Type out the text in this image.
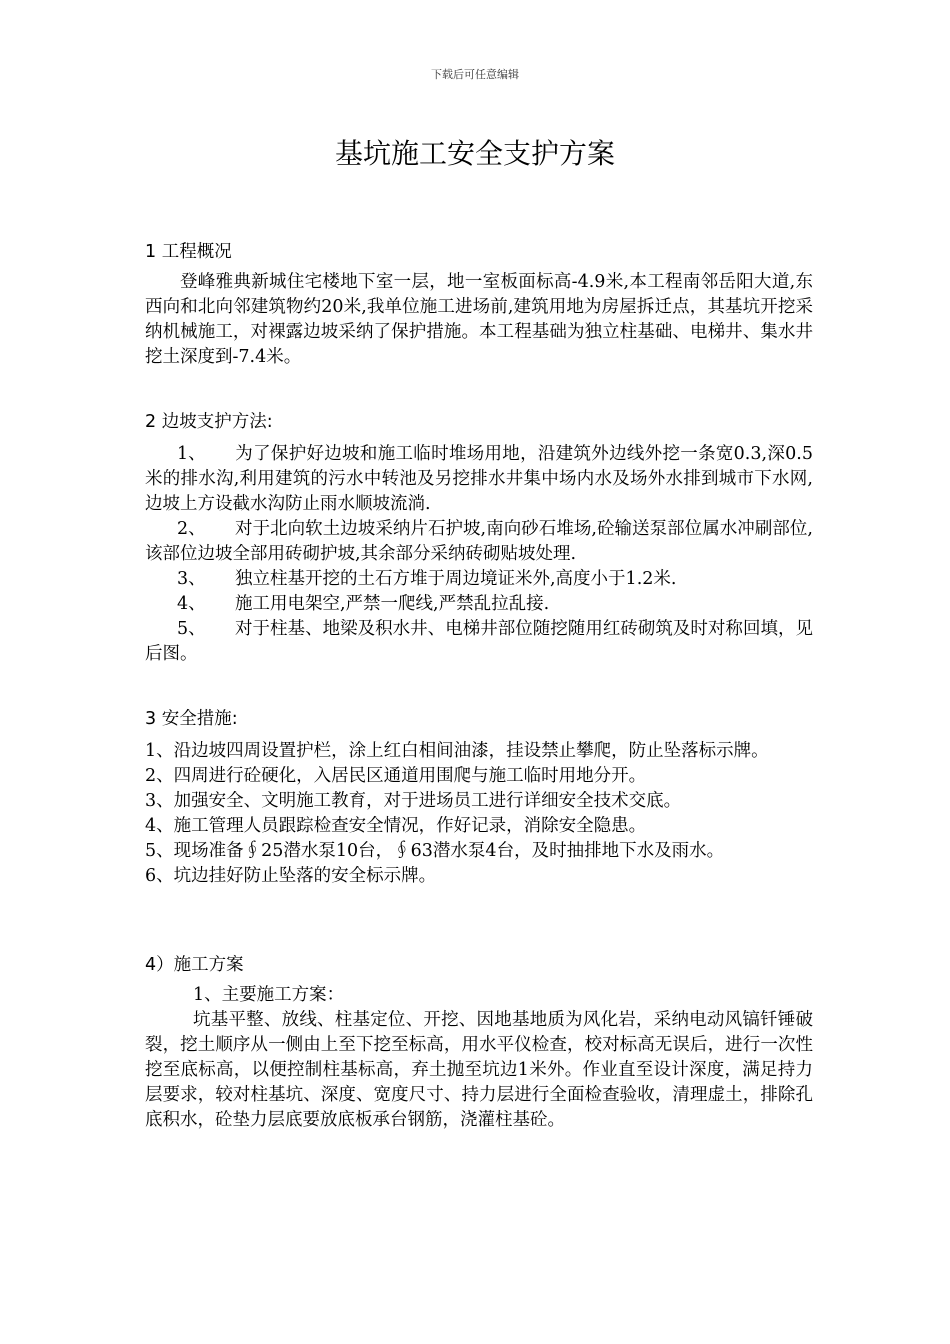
下载后可任意编辑
基坑施工安全支护方案
1 工程概况

登峰雅典新城住宅楼地下室一层，地一室板面标高-4.9米,本工程南邻岳阳大道,东西向和北向邻建筑物约20米,我单位施工进场前,建筑用地为房屋拆迁点，其基坑开挖采纳机械施工，对裸露边坡采纳了保护措施。本工程基础为独立柱基础、电梯井、集水井挖土深度到-7.4米。

2 边坡支护方法:

1、 为了保护好边坡和施工临时堆场用地，沿建筑外边线外挖一条宽0.3,深0.5米的排水沟,利用建筑的污水中转池及另挖排水井集中场内水及场外水排到城市下水网,边坡上方设截水沟防止雨水顺坡流淌.

2、 对于北向软土边坡采纳片石护坡,南向砂石堆场,砼输送泵部位属水冲刷部位,该部位边坡全部用砖砌护坡,其余部分采纳砖砌贴坡处理.

3、 独立柱基开挖的土石方堆于周边境证米外,高度小于1.2米.

4、 施工用电架空,严禁一爬线,严禁乱拉乱接.

5、 对于柱基、地梁及积水井、电梯井部位随挖随用红砖砌筑及时对称回填，见后图。

3 安全措施:

1、沿边坡四周设置护栏，涂上红白相间油漆，挂设禁止攀爬，防止坠落标示牌。

2、四周进行砼硬化，入居民区通道用围爬与施工临时用地分开。

3、加强安全、文明施工教育，对于进场员工进行详细安全技术交底。

4、施工管理人员跟踪检查安全情况，作好记录，消除安全隐患。

5、现场准备∮25潜水泵10台，∮63潜水泵4台，及时抽排地下水及雨水。

6、坑边挂好防止坠落的安全标示牌。

4）施工方案

1、主要施工方案：

坑基平整、放线、柱基定位、开挖、因地基地质为风化岩，采纳电动风镐钎锤破裂，挖土顺序从一侧由上至下挖至标高，用水平仪检查，校对标高无误后，进行一次性挖至底标高，以便控制柱基标高，弃土抛至坑边1米外。作业直至设计深度，满足持力层要求，较对柱基坑、深度、宽度尺寸、持力层进行全面检查验收，清理虚土，排除孔底积水，砼垫力层底要放底板承台钢筋，浇灌柱基砼。
